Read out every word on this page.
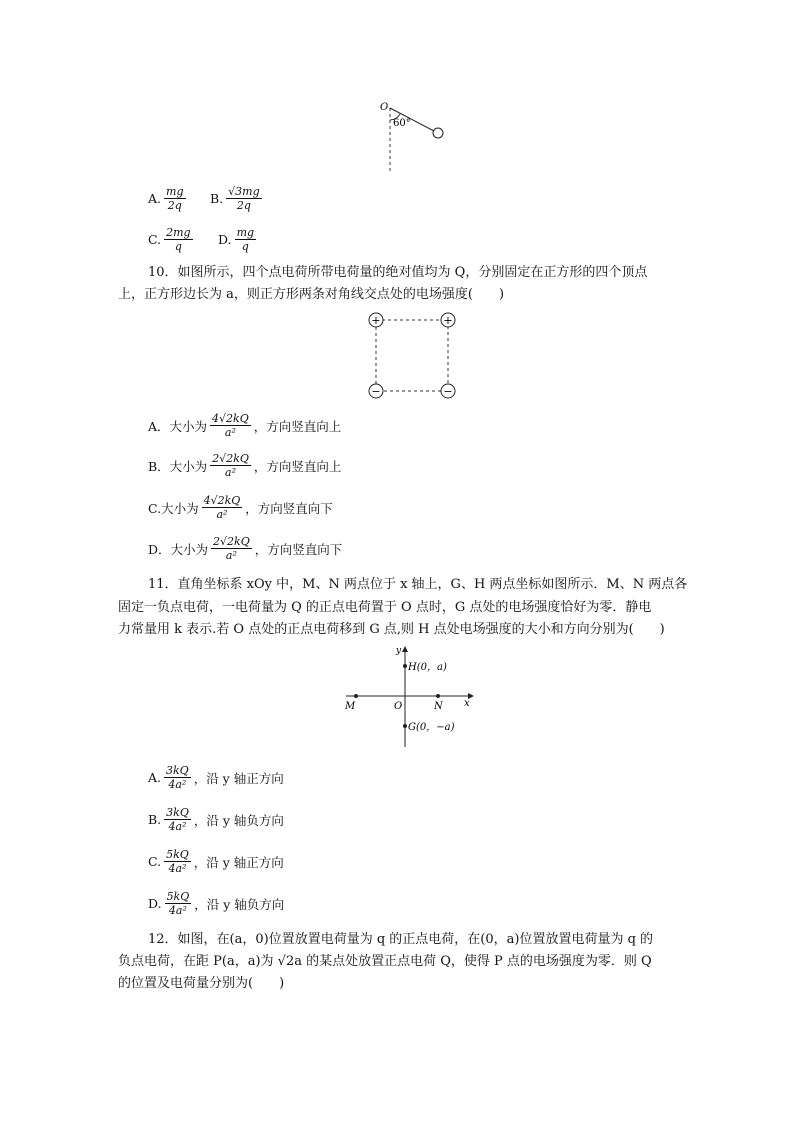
O
60°
A. $\frac{mg}{2q} B$. $\frac{√3mg}{2q}$
C. $\frac{2mg}{q} D$. $\frac{mg}{q}$
10．如图所示，四个点电荷所带电荷量的绝对值均为 Q，分别固定在正方形的四个顶点
上，正方形边长为 a，则正方形两条对角线交点处的电场强度(　　)
+	+
−	−
A．大小为 $\frac{4√2kQ}{\text{a²}}$ ，方向竖直向上
B．大小为 $\frac{2√2kQ}{\text{a²}}$ ，方向竖直向上
C.大小为 $\frac{4√2kQ}{\text{a²}}$ ，方向竖直向下
D．大小为 $\frac{2√2kQ}{\text{a²}}$ ，方向竖直向下
11．直角坐标系 xOy 中，M、N 两点位于 x 轴上，G、H 两点坐标如图所示．M、N 两点各
固定一负点电荷，一电荷量为 Q 的正点电荷置于 O 点时，G 点处的电场强度恰好为零．静电
力常量用 k 表示.若 O 点处的正点电荷移到 G 点,则 H 点处电场强度的大小和方向分别为(　　)
y
x
O
M	N
H(0，a)
G(0，−a)
A. $\frac{3kQ}{\text{4a²}}$ ，沿 y 轴正方向
B. $\frac{3kQ}{\text{4a²}}$ ，沿 y 轴负方向
C. $\frac{5kQ}{\text{4a²}}$ ，沿 y 轴正方向
D. $\frac{5kQ}{\text{4a²}}$ ，沿 y 轴负方向
12．如图，在(a，0)位置放置电荷量为 q 的正点电荷，在(0，a)位置放置电荷量为 q 的
负点电荷，在距 P(a，a)为 √2a 的某点处放置正点电荷 Q，使得 P 点的电场强度为零．则 Q
的位置及电荷量分别为(　　)
